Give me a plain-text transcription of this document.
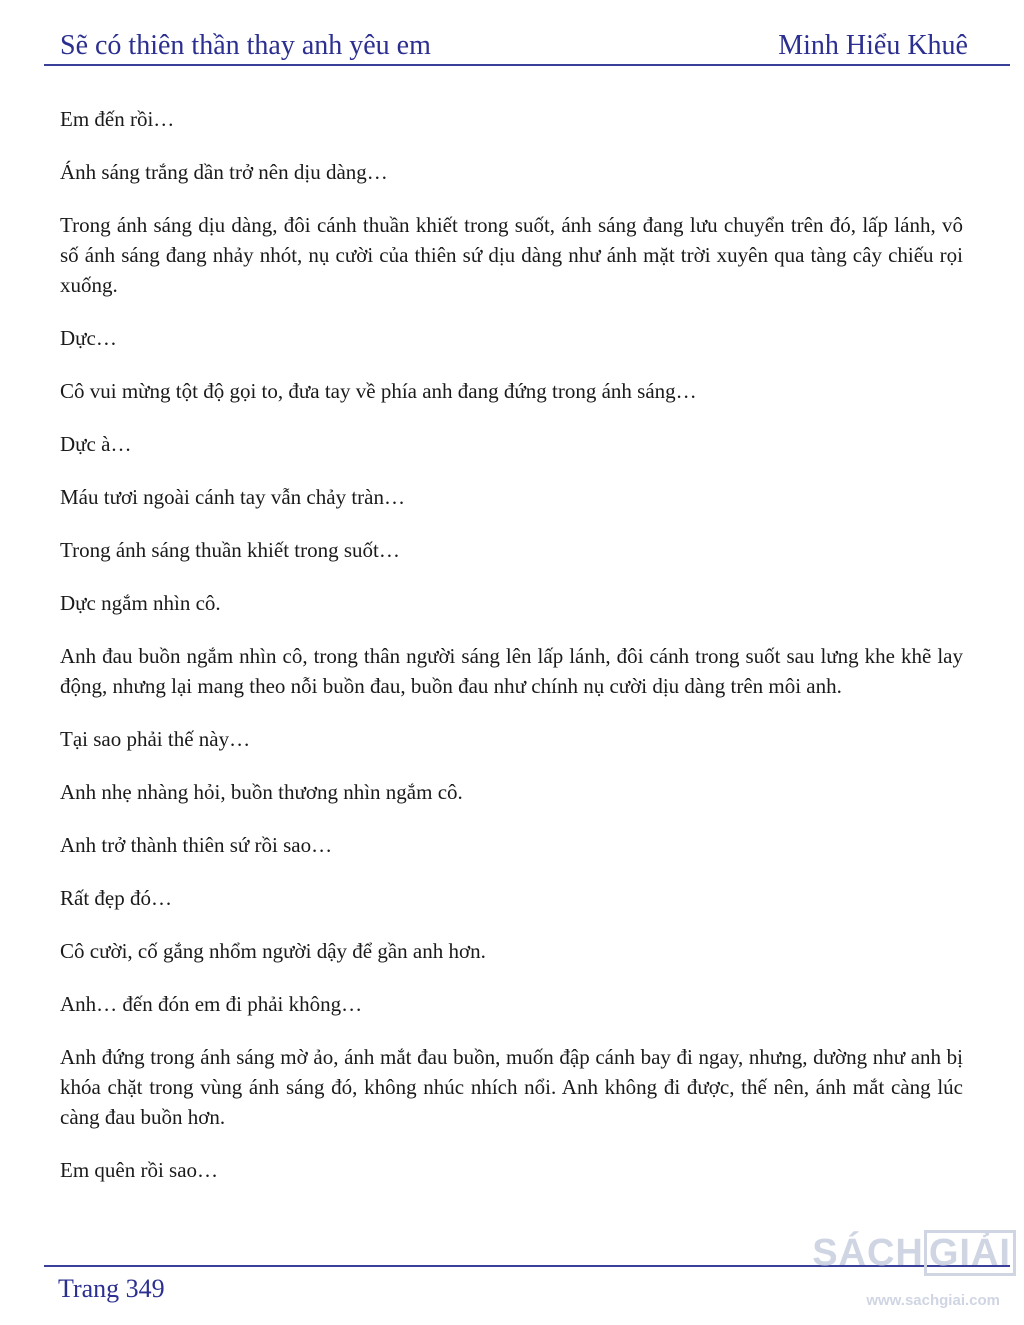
Sẽ có thiên thần thay anh yêu em	Minh Hiểu Khuê

Em đến rồi…

Ánh sáng trắng dần trở nên dịu dàng…

Trong ánh sáng dịu dàng, đôi cánh thuần khiết trong suốt, ánh sáng đang lưu chuyển trên đó, lấp lánh, vô số ánh sáng đang nhảy nhót, nụ cười của thiên sứ dịu dàng như ánh mặt trời xuyên qua tàng cây chiếu rọi xuống.

Dực…

Cô vui mừng tột độ gọi to, đưa tay về phía anh đang đứng trong ánh sáng…

Dực à…

Máu tươi ngoài cánh tay vẫn chảy tràn…

Trong ánh sáng thuần khiết trong suốt…

Dực ngắm nhìn cô.

Anh đau buồn ngắm nhìn cô, trong thân người sáng lên lấp lánh, đôi cánh trong suốt sau lưng khe khẽ lay động, nhưng lại mang theo nỗi buồn đau, buồn đau như chính nụ cười dịu dàng trên môi anh.

Tại sao phải thế này…

Anh nhẹ nhàng hỏi, buồn thương nhìn ngắm cô.

Anh trở thành thiên sứ rồi sao…

Rất đẹp đó…

Cô cười, cố gắng nhổm người dậy để gần anh hơn.

Anh… đến đón em đi phải không…

Anh đứng trong ánh sáng mờ ảo, ánh mắt đau buồn, muốn đập cánh bay đi ngay, nhưng, dường như anh bị khóa chặt trong vùng ánh sáng đó, không nhúc nhích nổi. Anh không đi được, thế nên, ánh mắt càng lúc càng đau buồn hơn.

Em quên rồi sao…

Trang 349
SÁCH GIẢI
www.sachgiai.com
